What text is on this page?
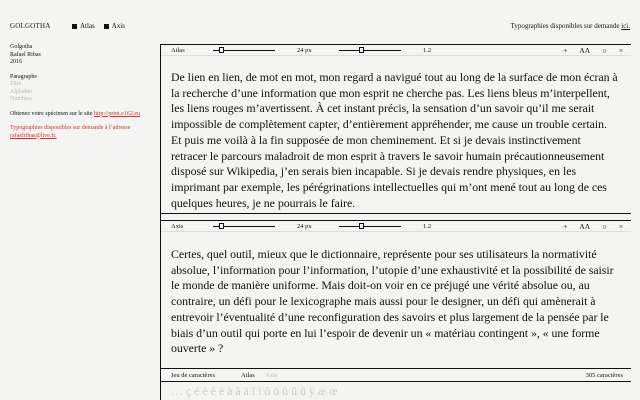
GOLGOTHA	Atlas Axis	Typographies disponibles sur demande ici.
Golgotha
Rafael Ribas
2016
Paragraphe
Titre
Alphabet
Nombres
Obtenez votre spécimen sur le site http://print.e162.eu
Typographies disponibles sur demande à l’adresse rafaelribas@live.fr.
Atlas	24 px	1.2	+ AA ○ ×
De lien en lien, de mot en mot, mon regard a navigué tout au long de la surface de mon écran à la recherche d’une information que mon esprit ne cherche pas. Les liens bleus m’interpellent, les liens rouges m’avertissent. À cet instant précis, la sensation d’un savoir qu’il me serait impossible de complètement capter, d’entièrement appréhender, me cause un trouble certain. Et puis me voilà à la fin supposée de mon cheminement. Et si je devais instinctivement retracer le parcours maladroit de mon esprit à travers le savoir humain précautionneusement disposé sur Wikipedia, j’en serais bien incapable. Si je devais rendre physiques, en les imprimant par exemple, les pérégrinations intellectuelles qui m’ont mené tout au long de ces quelques heures, je ne pourrais le faire.
Axis	24 px	1.2	+ AA ○ ×
Certes, quel outil, mieux que le dictionnaire, représente pour ses utilisateurs la normativité absolue, l’information pour l’information, l’utopie d’une exhaustivité et la possibilité de saisir le monde de manière uniforme. Mais doit-on voir en ce préjugé une vérité absolue ou, au contraire, un défi pour le lexicographe mais aussi pour le designer, un défi qui amènerait à entrevoir l’éventualité d’une reconfiguration des savoirs et plus largement de la pensée par le biais d’un outil qui porte en lui l’espoir de devenir un « matériau contingent », « une forme ouverte » ?
Jeu de caractères	Atlas Axis	305 caractères
… ç é è ê ë à â ä î ï ô ö ù û ü ÿ æ œ
